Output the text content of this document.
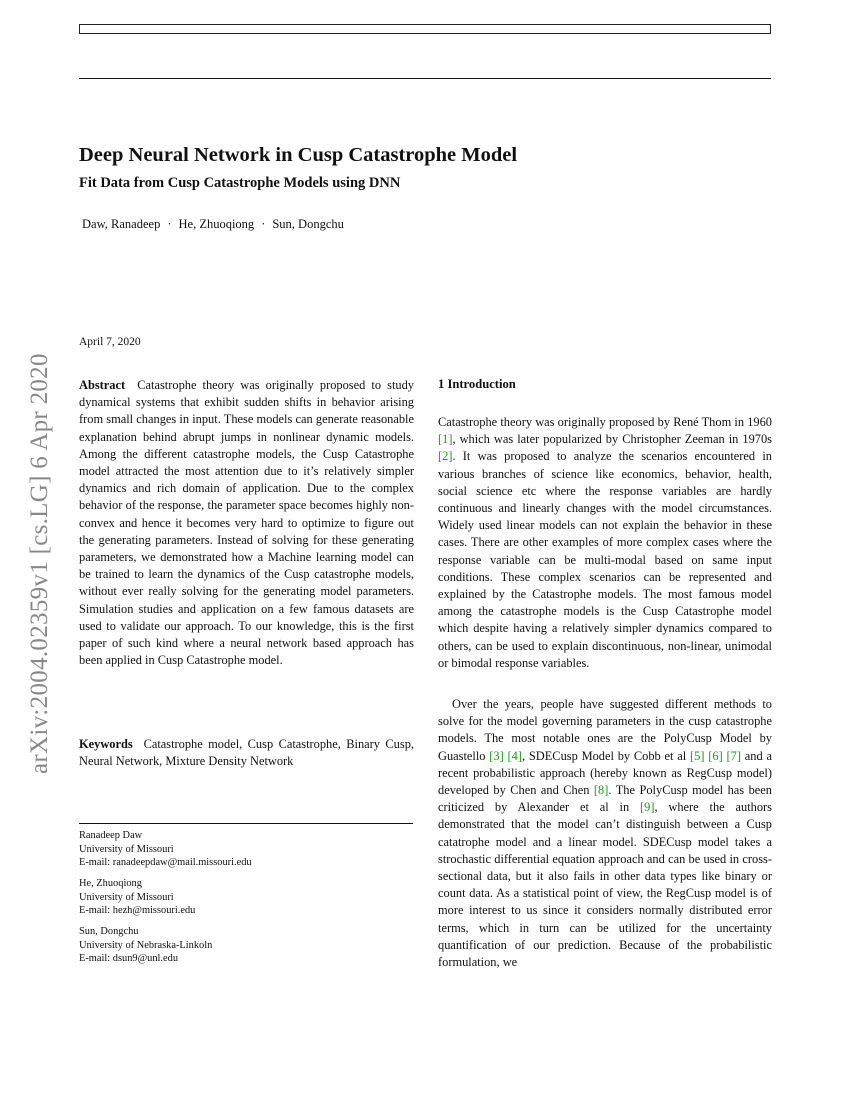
arXiv:2004.02359v1 [cs.LG] 6 Apr 2020
Deep Neural Network in Cusp Catastrophe Model
Fit Data from Cusp Catastrophe Models using DNN
Daw, Ranadeep · He, Zhuoqiong · Sun, Dongchu
April 7, 2020

Abstract Catastrophe theory was originally proposed to study dynamical systems that exhibit sudden shifts in behavior arising from small changes in input. These models can generate reasonable explanation behind abrupt jumps in nonlinear dynamic models. Among the different catastrophe models, the Cusp Catastrophe model attracted the most attention due to it’s relatively simpler dynamics and rich domain of application. Due to the complex behavior of the response, the parameter space becomes highly non-convex and hence it becomes very hard to optimize to figure out the generating parameters. Instead of solving for these generating parameters, we demonstrated how a Machine learning model can be trained to learn the dynamics of the Cusp catastrophe models, without ever really solving for the generating model parameters. Simulation studies and application on a few famous datasets are used to validate our approach. To our knowledge, this is the first paper of such kind where a neural network based approach has been applied in Cusp Catastrophe model.

Keywords Catastrophe model, Cusp Catastrophe, Binary Cusp, Neural Network, Mixture Density Network

Ranadeep Daw
University of Missouri
E-mail: ranadeepdaw@mail.missouri.edu
He, Zhuoqiong
University of Missouri
E-mail: hezh@missouri.edu
Sun, Dongchu
University of Nebraska-Linkoln
E-mail: dsun9@unl.edu
1 Introduction

Catastrophe theory was originally proposed by René Thom in 1960 [1], which was later popularized by Christopher Zeeman in 1970s [2]. It was proposed to analyze the scenarios encountered in various branches of science like economics, behavior, health, social science etc where the response variables are hardly continuous and linearly changes with the model circumstances. Widely used linear models can not explain the behavior in these cases. There are other examples of more complex cases where the response variable can be multi-modal based on same input conditions. These complex scenarios can be represented and explained by the Catastrophe models. The most famous model among the catastrophe models is the Cusp Catastrophe model which despite having a relatively simpler dynamics compared to others, can be used to explain discontinuous, non-linear, unimodal or bimodal response variables.

Over the years, people have suggested different methods to solve for the model governing parameters in the cusp catastrophe models. The most notable ones are the PolyCusp Model by Guastello [3] [4], SDECusp Model by Cobb et al [5] [6] [7] and a recent probabilistic approach (hereby known as RegCusp model) developed by Chen and Chen [8]. The PolyCusp model has been criticized by Alexander et al in [9], where the authors demonstrated that the model can’t distinguish between a Cusp catatrophe model and a linear model. SDECusp model takes a strochastic differential equation approach and can be used in cross-sectional data, but it also fails in other data types like binary or count data. As a statistical point of view, the RegCusp model is of more interest to us since it considers normally distributed error terms, which in turn can be utilized for the uncertainty quantification of our prediction. Because of the probabilistic formulation, we
